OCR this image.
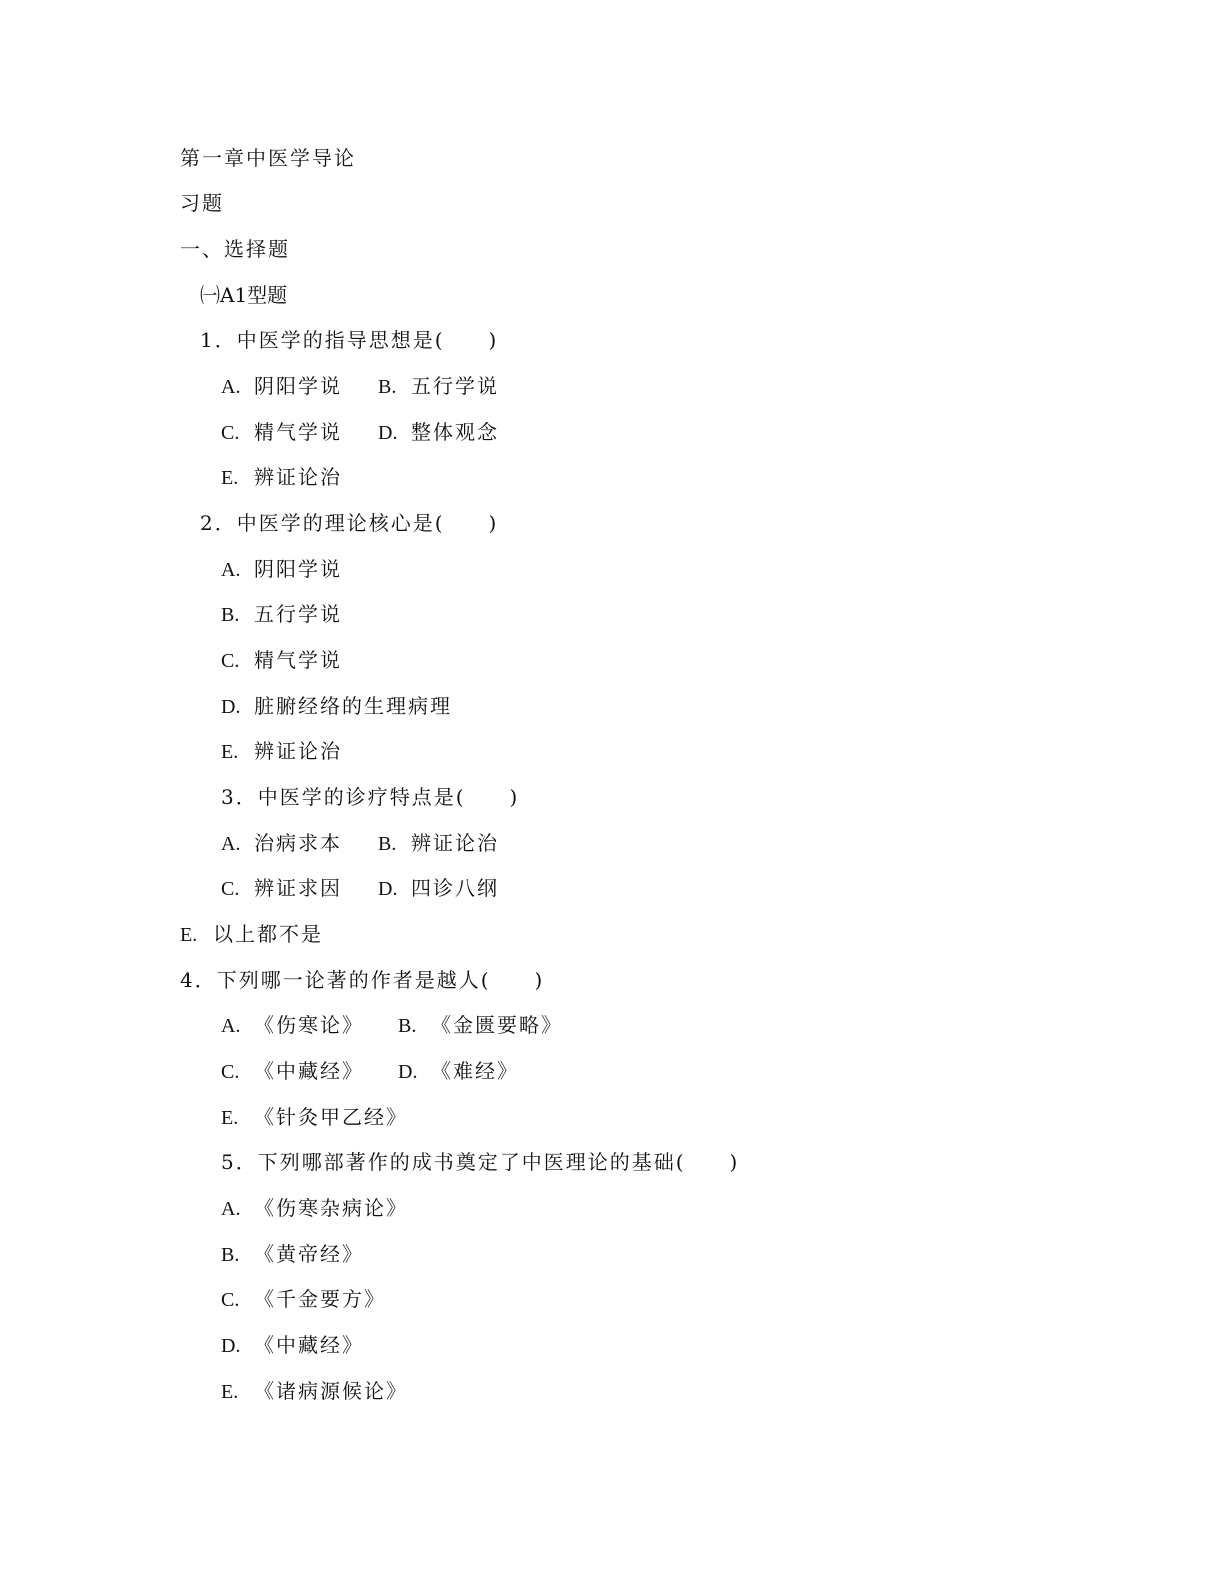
第一章中医学导论
习题
一、选择题
㈠A1型题
1．中医学的指导思想是(　　)
A. 阴阳学说 B. 五行学说
C. 精气学说 D. 整体观念
E. 辨证论治
2．中医学的理论核心是(　　)
A. 阴阳学说
B. 五行学说
C. 精气学说
D. 脏腑经络的生理病理
E. 辨证论治
3．中医学的诊疗特点是(　　)
A. 治病求本 B. 辨证论治
C. 辨证求因 D. 四诊八纲
E. 以上都不是
4．下列哪一论著的作者是越人(　　)
A. 《伤寒论》 B. 《金匮要略》
C. 《中藏经》 D. 《难经》
E. 《针灸甲乙经》
5．下列哪部著作的成书奠定了中医理论的基础(　　)
A. 《伤寒杂病论》
B. 《黄帝经》
C. 《千金要方》
D. 《中藏经》
E. 《诸病源候论》
